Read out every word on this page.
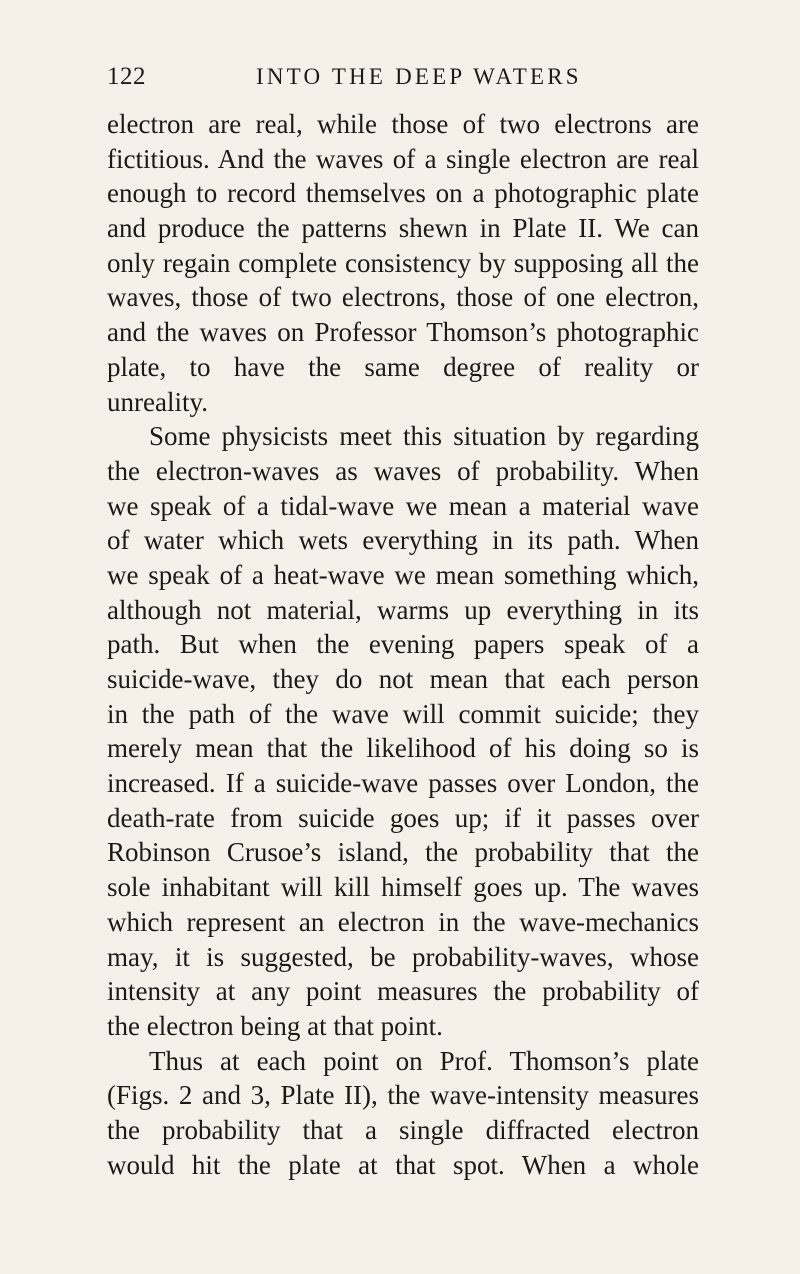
122	INTO THE DEEP WATERS
electron are real, while those of two electrons are
fictitious. And the waves of a single electron are real
enough to record themselves on a photographic plate
and produce the patterns shewn in Plate II. We can
only regain complete consistency by supposing all the
waves, those of two electrons, those of one electron,
and the waves on Professor Thomson’s photographic
plate, to have the same degree of reality or
unreality.
Some physicists meet this situation by regarding
the electron-waves as waves of probability. When
we speak of a tidal-wave we mean a material wave
of water which wets everything in its path. When
we speak of a heat-wave we mean something which,
although not material, warms up everything in its
path. But when the evening papers speak of a
suicide-wave, they do not mean that each person
in the path of the wave will commit suicide; they
merely mean that the likelihood of his doing so is
increased. If a suicide-wave passes over London, the
death-rate from suicide goes up; if it passes over
Robinson Crusoe’s island, the probability that the
sole inhabitant will kill himself goes up. The waves
which represent an electron in the wave-mechanics
may, it is suggested, be probability-waves, whose
intensity at any point measures the probability of
the electron being at that point.
Thus at each point on Prof. Thomson’s plate
(Figs. 2 and 3, Plate II), the wave-intensity measures
the probability that a single diffracted electron
would hit the plate at that spot. When a whole
